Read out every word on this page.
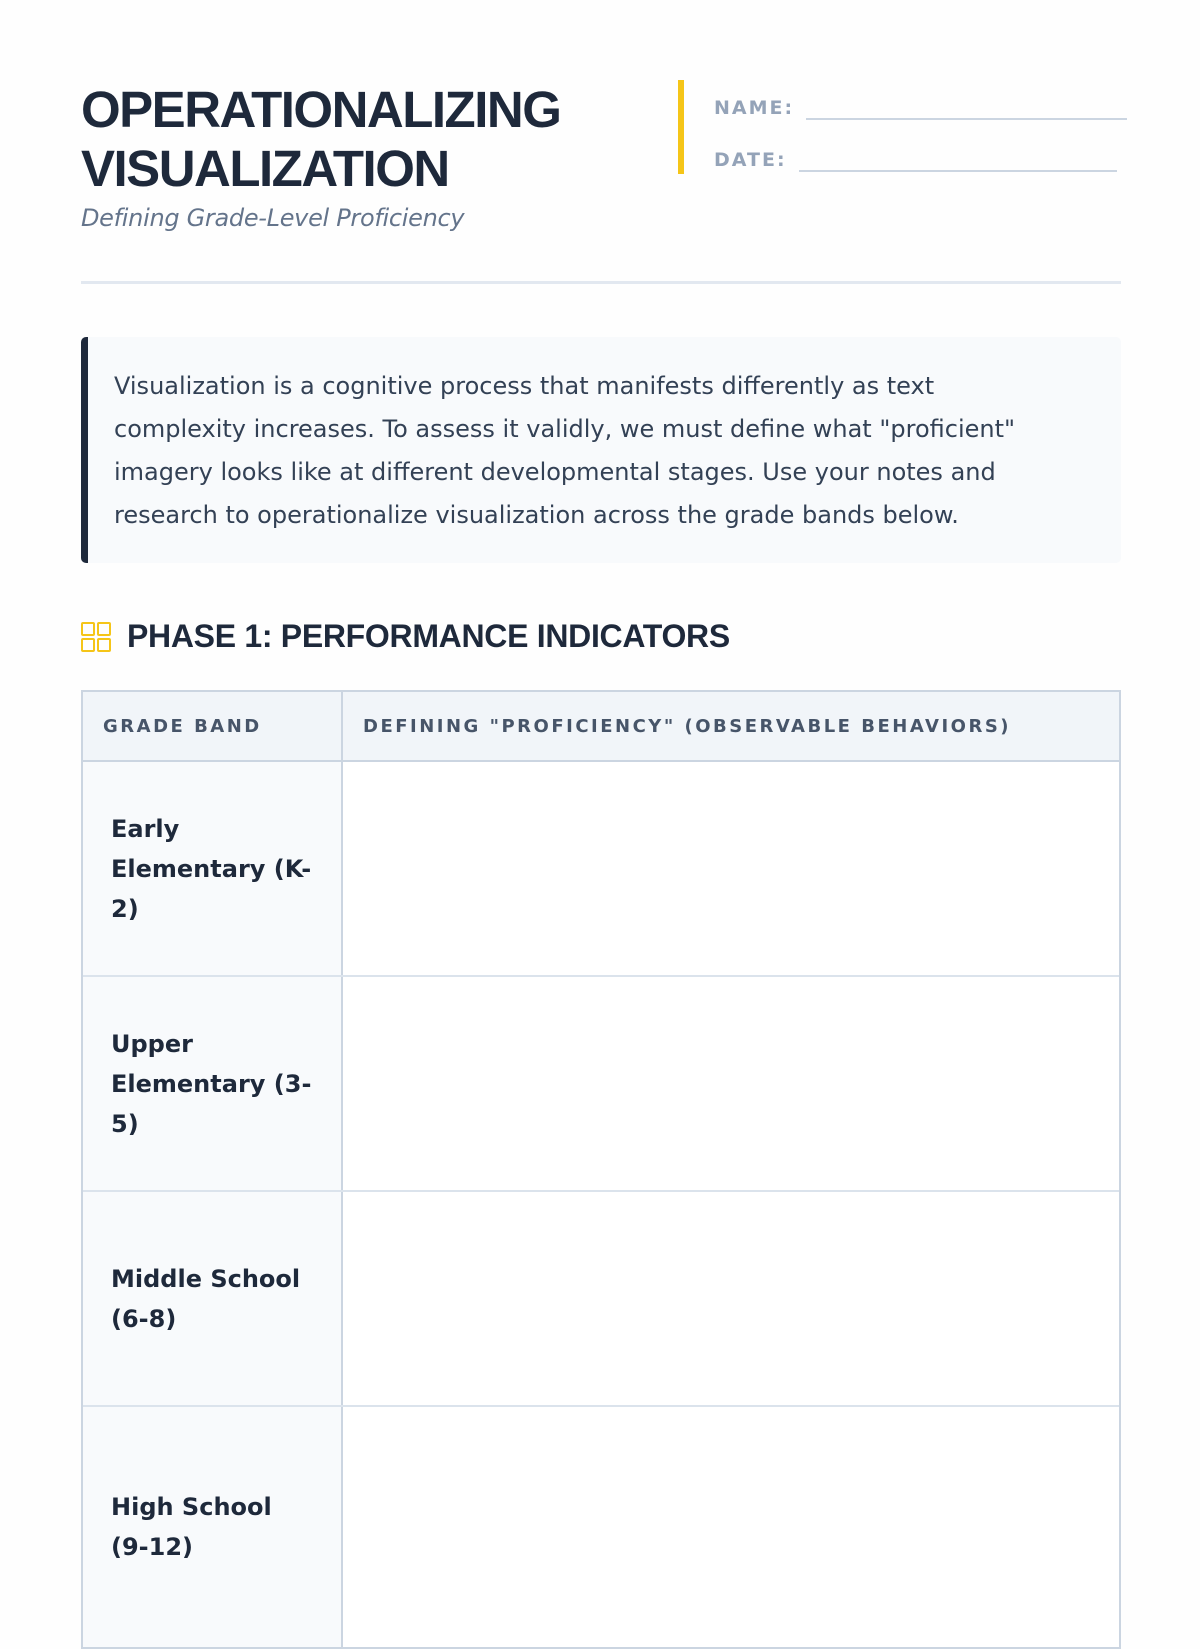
OPERATIONALIZING
VISUALIZATION
Defining Grade-Level Proficiency
NAME:
DATE:

Visualization is a cognitive process that manifests differently as text complexity increases. To assess it validly, we must define what "proficient" imagery looks like at different developmental stages. Use your notes and research to operationalize visualization across the grade bands below.

PHASE 1: PERFORMANCE INDICATORS
GRADE BAND	DEFINING "PROFICIENCY" (OBSERVABLE BEHAVIORS)
Early Elementary (K-2)
Upper Elementary (3-5)
Middle School (6-8)
High School (9-12)
